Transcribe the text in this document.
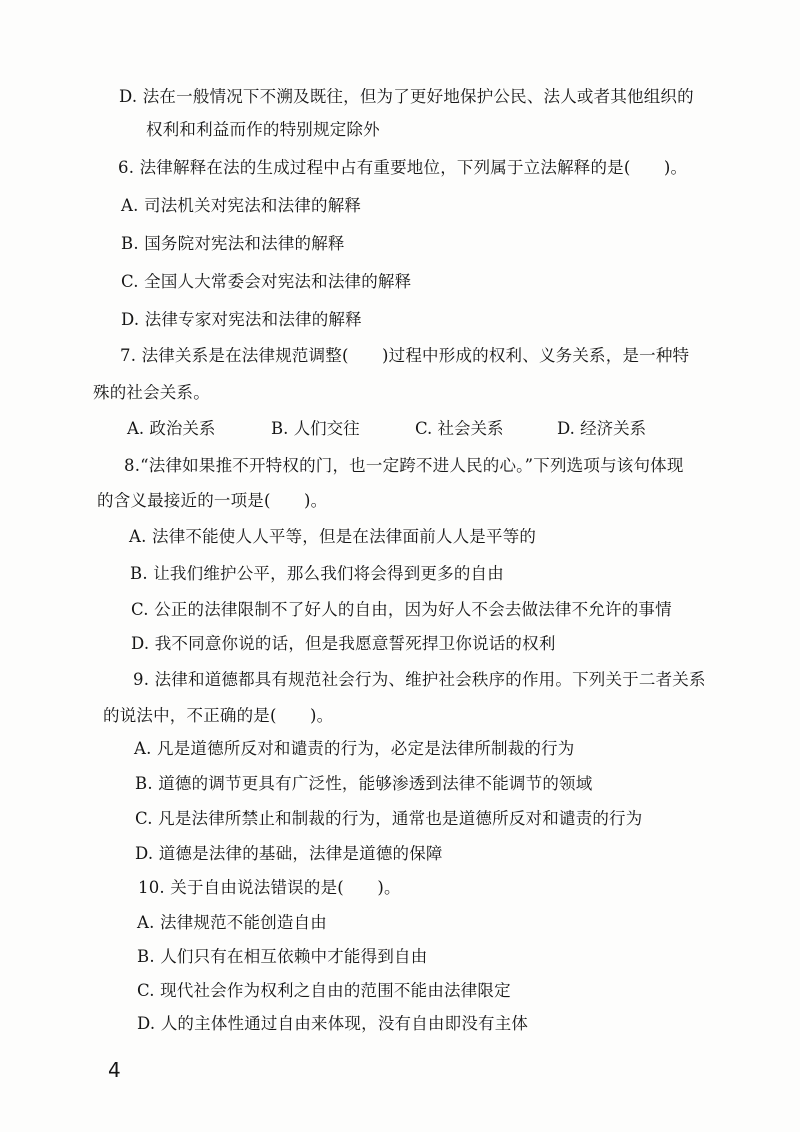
D. 法在一般情况下不溯及既往，但为了更好地保护公民、法人或者其他组织的
权利和利益而作的特别规定除外
6. 法律解释在法的生成过程中占有重要地位，下列属于立法解释的是(　　)。
A. 司法机关对宪法和法律的解释
B. 国务院对宪法和法律的解释
C. 全国人大常委会对宪法和法律的解释
D. 法律专家对宪法和法律的解释
7. 法律关系是在法律规范调整(　　)过程中形成的权利、义务关系，是一种特
殊的社会关系。
A. 政治关系	B. 人们交往	C. 社会关系	D. 经济关系
8.“法律如果推不开特权的门，也一定跨不进人民的心。”下列选项与该句体现
的含义最接近的一项是(　　)。
A. 法律不能使人人平等，但是在法律面前人人是平等的
B. 让我们维护公平，那么我们将会得到更多的自由
C. 公正的法律限制不了好人的自由，因为好人不会去做法律不允许的事情
D. 我不同意你说的话，但是我愿意誓死捍卫你说话的权利
9. 法律和道德都具有规范社会行为、维护社会秩序的作用。下列关于二者关系
的说法中，不正确的是(　　)。
A. 凡是道德所反对和谴责的行为，必定是法律所制裁的行为
B. 道德的调节更具有广泛性，能够渗透到法律不能调节的领域
C. 凡是法律所禁止和制裁的行为，通常也是道德所反对和谴责的行为
D. 道德是法律的基础，法律是道德的保障
10. 关于自由说法错误的是(　　)。
A. 法律规范不能创造自由
B. 人们只有在相互依赖中才能得到自由
C. 现代社会作为权利之自由的范围不能由法律限定
D. 人的主体性通过自由来体现，没有自由即没有主体
4
